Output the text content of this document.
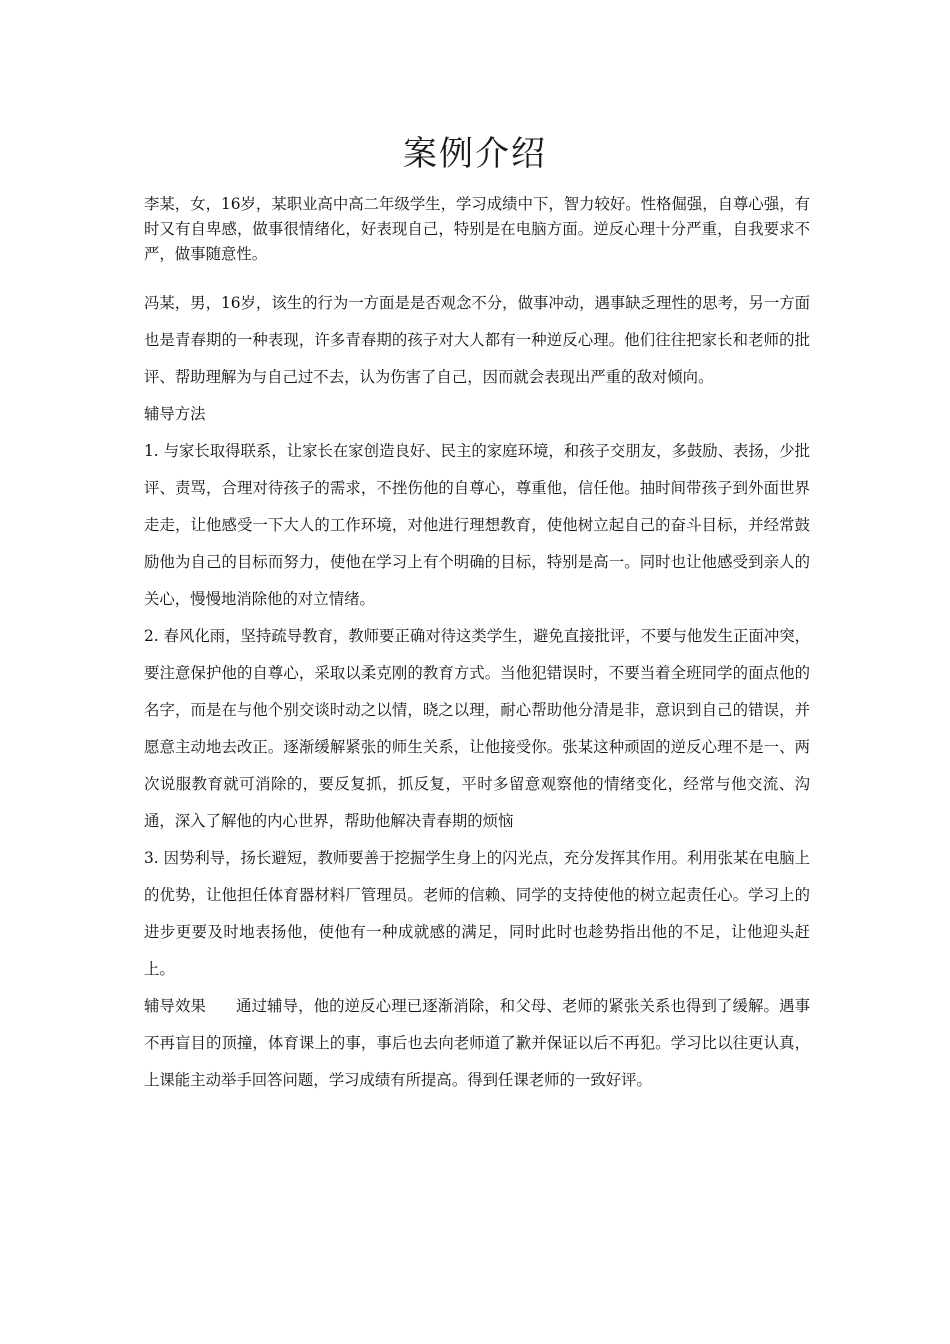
案例介绍

李某，女，16岁，某职业高中高二年级学生，学习成绩中下，智力较好。性格倔强，自尊心强，有时又有自卑感，做事很情绪化，好表现自己，特别是在电脑方面。逆反心理十分严重，自我要求不严，做事随意性。

冯某，男，16岁，该生的行为一方面是是否观念不分，做事冲动，遇事缺乏理性的思考，另一方面也是青春期的一种表现，许多青春期的孩子对大人都有一种逆反心理。他们往往把家长和老师的批评、帮助理解为与自己过不去，认为伤害了自己，因而就会表现出严重的敌对倾向。

辅导方法

1. 与家长取得联系，让家长在家创造良好、民主的家庭环境，和孩子交朋友，多鼓励、表扬，少批评、责骂，合理对待孩子的需求，不挫伤他的自尊心，尊重他，信任他。抽时间带孩子到外面世界走走，让他感受一下大人的工作环境，对他进行理想教育，使他树立起自己的奋斗目标，并经常鼓励他为自己的目标而努力，使他在学习上有个明确的目标，特别是高一。同时也让他感受到亲人的关心，慢慢地消除他的对立情绪。

2. 春风化雨，坚持疏导教育，教师要正确对待这类学生，避免直接批评，不要与他发生正面冲突，要注意保护他的自尊心，采取以柔克刚的教育方式。当他犯错误时，不要当着全班同学的面点他的名字，而是在与他个别交谈时动之以情，晓之以理，耐心帮助他分清是非，意识到自己的错误，并愿意主动地去改正。逐渐缓解紧张的师生关系，让他接受你。张某这种顽固的逆反心理不是一、两次说服教育就可消除的，要反复抓，抓反复，平时多留意观察他的情绪变化，经常与他交流、沟通，深入了解他的内心世界，帮助他解决青春期的烦恼

3. 因势利导，扬长避短，教师要善于挖掘学生身上的闪光点，充分发挥其作用。利用张某在电脑上的优势，让他担任体育器材料厂管理员。老师的信赖、同学的支持使他的树立起责任心。学习上的进步更要及时地表扬他，使他有一种成就感的满足，同时此时也趁势指出他的不足，让他迎头赶上。

辅导效果 通过辅导，他的逆反心理已逐渐消除，和父母、老师的紧张关系也得到了缓解。遇事不再盲目的顶撞，体育课上的事，事后也去向老师道了歉并保证以后不再犯。学习比以往更认真，上课能主动举手回答问题，学习成绩有所提高。得到任课老师的一致好评。
